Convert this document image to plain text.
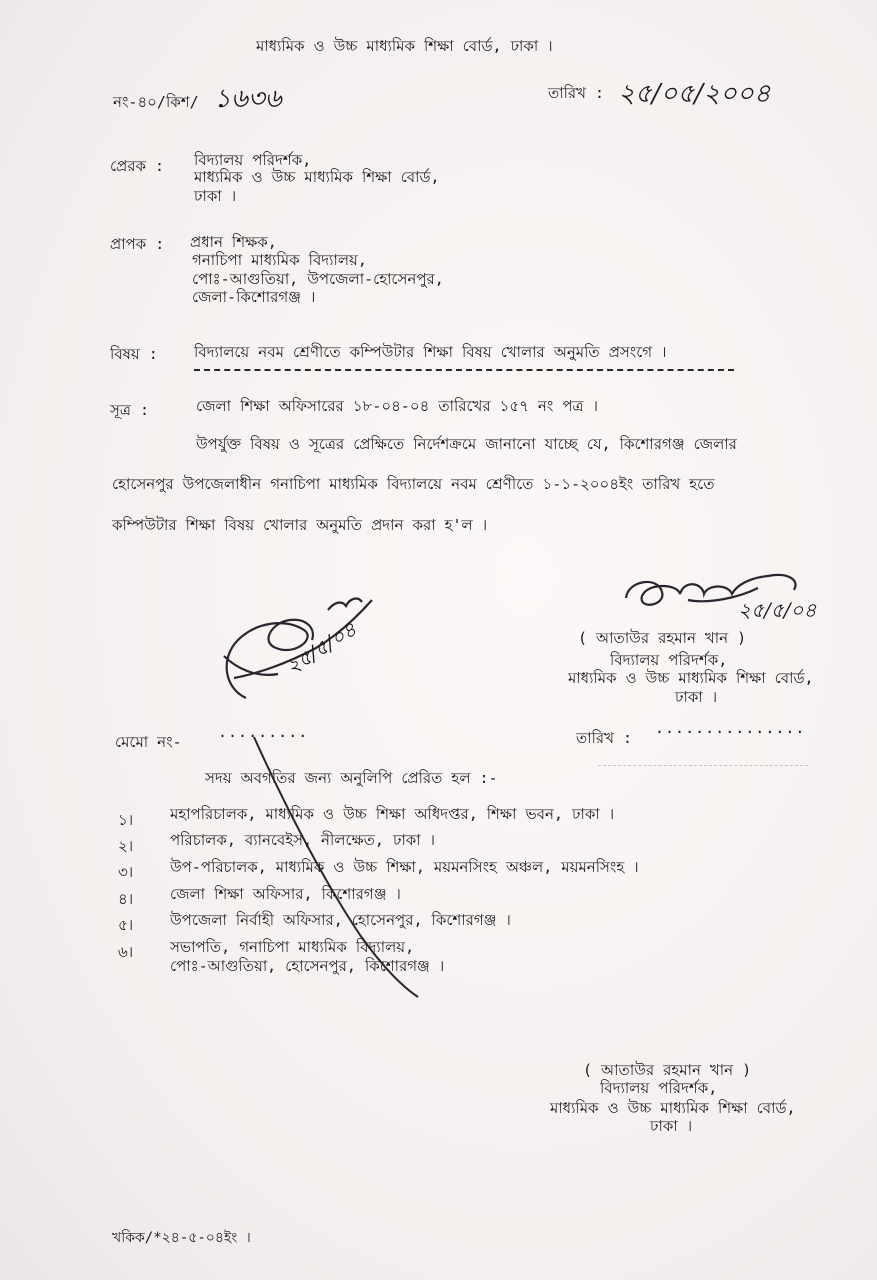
মাধ্যমিক ও উচ্চ মাধ্যমিক শিক্ষা বোর্ড, ঢাকা ।
নং-৪০/কিশ/ ১৬৩৬	তারিখ : ২৫/০৫/২০০৪
প্রেরক : বিদ্যালয় পরিদর্শক,
মাধ্যমিক ও উচ্চ মাধ্যমিক শিক্ষা বোর্ড,
ঢাকা ।
প্রাপক : প্রধান শিক্ষক,
গনাচিপা মাধ্যমিক বিদ্যালয়,
পোঃ-আগুতিয়া, উপজেলা-হোসেনপুর,
জেলা-কিশোরগঞ্জ ।
বিষয় : বিদ্যালয়ে নবম শ্রেণীতে কম্পিউটার শিক্ষা বিষয় খোলার অনুমতি প্রসংগে ।
সূত্র :	জেলা শিক্ষা অফিসারের ১৮-০৪-০৪ তারিখের ১৫৭ নং পত্র ।
উপর্যুক্ত বিষয় ও সূত্রের প্রেক্ষিতে নির্দেশক্রমে জানানো যাচ্ছে যে, কিশোরগঞ্জ জেলার
হোসেনপুর উপজেলাধীন গনাচিপা মাধ্যমিক বিদ্যালয়ে নবম শ্রেণীতে ১-১-২০০৪ইং তারিখ হতে
কম্পিউটার শিক্ষা বিষয় খোলার অনুমতি প্রদান করা হ'ল ।
২৫/৫/০৪
২৫/৫/০৪	( আতাউর রহমান খান )
বিদ্যালয় পরিদর্শক,
মাধ্যমিক ও উচ্চ মাধ্যমিক শিক্ষা বোর্ড,
ঢাকা ।
মেমো নং- ·········	তারিখ : ···············
সদয় অবগতির জন্য অনুলিপি প্রেরিত হল :-
১। মহাপরিচালক, মাধ্যমিক ও উচ্চ শিক্ষা অধিদপ্তর, শিক্ষা ভবন, ঢাকা ।
২। পরিচালক, ব্যানবেইস, নীলক্ষেত, ঢাকা ।
৩। উপ-পরিচালক, মাধ্যমিক ও উচ্চ শিক্ষা, ময়মনসিংহ অঞ্চল, ময়মনসিংহ ।
৪। জেলা শিক্ষা অফিসার, কিশোরগঞ্জ ।
৫। উপজেলা নির্বাহী অফিসার, হোসেনপুর, কিশোরগঞ্জ ।
৬। সভাপতি, গনাচিপা মাধ্যমিক বিদ্যালয়,
পোঃ-আগুতিয়া, হোসেনপুর, কিশোরগঞ্জ ।
( আতাউর রহমান খান )
বিদ্যালয় পরিদর্শক,
মাধ্যমিক ও উচ্চ মাধ্যমিক শিক্ষা বোর্ড,
ঢাকা ।
খকিক/*২৪-৫-০৪ইং ।
